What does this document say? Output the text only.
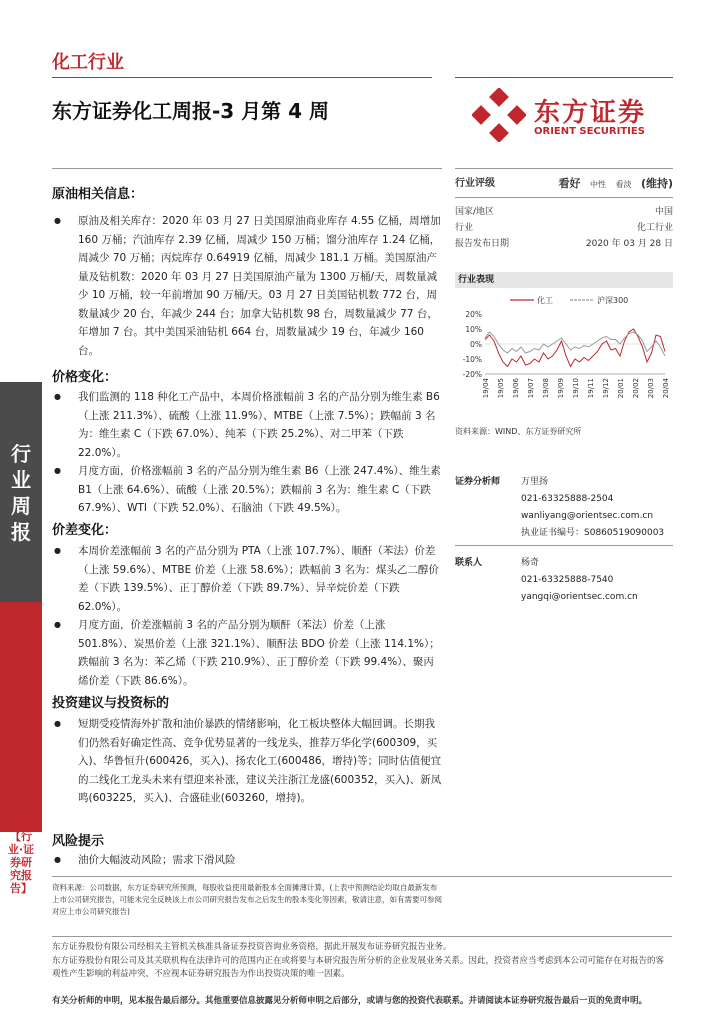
行
业
周
报
【行业·证券研究报告】
化工行业
东方证券化工周报-3 月第 4 周	东方证券
ORIENT SECURITIES
原油相关信息：
● 原油及相关库存：2020 年 03 月 27 日美国原油商业库存 4.55 亿桶，周增加 160 万桶；汽油库存 2.39 亿桶，周减少 150 万桶；馏分油库存 1.24 亿桶，周减少 70 万桶；丙烷库存 0.64919 亿桶，周减少 181.1 万桶。美国原油产量及钻机数：2020 年 03 月 27 日美国原油产量为 1300 万桶/天，周数量减少 10 万桶，较一年前增加 90 万桶/天。03 月 27 日美国钻机数 772 台，周数量减少 20 台，年减少 244 台；加拿大钻机数 98 台，周数量减少 77 台，年增加 7 台。其中美国采油钻机 664 台，周数量减少 19 台，年减少 160 台。
价格变化：
● 我们监测的 118 种化工产品中，本周价格涨幅前 3 名的产品分别为维生素 B6（上涨 211.3%）、硫酸（上涨 11.9%）、MTBE（上涨 7.5%）；跌幅前 3 名为：维生素 C（下跌 67.0%）、纯苯（下跌 25.2%）、对二甲苯（下跌 22.0%）。
● 月度方面，价格涨幅前 3 名的产品分别为维生素 B6（上涨 247.4%）、维生素 B1（上涨 64.6%）、硫酸（上涨 20.5%）；跌幅前 3 名为：维生素 C（下跌 67.9%）、WTI（下跌 52.0%）、石脑油（下跌 49.5%）。
价差变化：
● 本周价差涨幅前 3 名的产品分别为 PTA（上涨 107.7%）、顺酐（苯法）价差（上涨 59.6%）、MTBE 价差（上涨 58.6%）；跌幅前 3 名为：煤头乙二醇价差（下跌 139.5%）、正丁醇价差（下跌 89.7%）、异辛烷价差（下跌 62.0%）。
● 月度方面，价差涨幅前 3 名的产品分别为顺酐（苯法）价差（上涨 501.8%）、炭黑价差（上涨 321.1%）、顺酐法 BDO 价差（上涨 114.1%）；跌幅前 3 名为：苯乙烯（下跌 210.9%）、正丁醇价差（下跌 99.4%）、聚丙烯价差（下跌 86.6%）。
投资建议与投资标的
● 短期受疫情海外扩散和油价暴跌的情绪影响，化工板块整体大幅回调。长期我们仍然看好确定性高、竞争优势显著的一线龙头，推荐万华化学(600309，买入)、华鲁恒升(600426，买入)、扬农化工(600486，增持)等；同时估值便宜的二线化工龙头未来有望迎来补涨，建议关注浙江龙盛(600352，买入)、新凤鸣(603225，买入)、合盛硅业(603260，增持)。
风险提示
● 油价大幅波动风险；需求下滑风险
行业评级	看好 中性 看淡 (维持)
国家/地区	中国
行业	化工行业
报告发布日期	2020 年 03 月 28 日
行业表现
化工	沪深300
20%
10%
0%
-10%
-20%
19/04 19/05 19/06 19/07 19/08 19/09 19/10 19/11 19/12 20/01 20/02 20/03 20/04
资料来源：WIND、东方证券研究所
证券分析师	万里扬
021-63325888-2504
wanliyang@orientsec.com.cn
执业证书编号：S0860519090003
联系人	杨奇
021-63325888-7540
yangqi@orientsec.com.cn
资料来源：公司数据，东方证券研究所预测，每股收益使用最新股本全面摊薄计算，(上表中预测结论均取自最新发布上市公司研究报告，可能未完全反映该上市公司研究报告发布之后发生的股本变化等因素，敬请注意，如有需要可参阅对应上市公司研究报告)
东方证券股份有限公司经相关主管机关核准具备证券投资咨询业务资格，据此开展发布证券研究报告业务。
东方证券股份有限公司及其关联机构在法律许可的范围内正在或将要与本研究报告所分析的企业发展业务关系。因此，投资者应当考虑到本公司可能存在对报告的客观性产生影响的利益冲突，不应视本证券研究报告为作出投资决策的唯一因素。
有关分析师的申明，见本报告最后部分。其他重要信息披露见分析师申明之后部分，或请与您的投资代表联系。并请阅读本证券研究报告最后一页的免责申明。
